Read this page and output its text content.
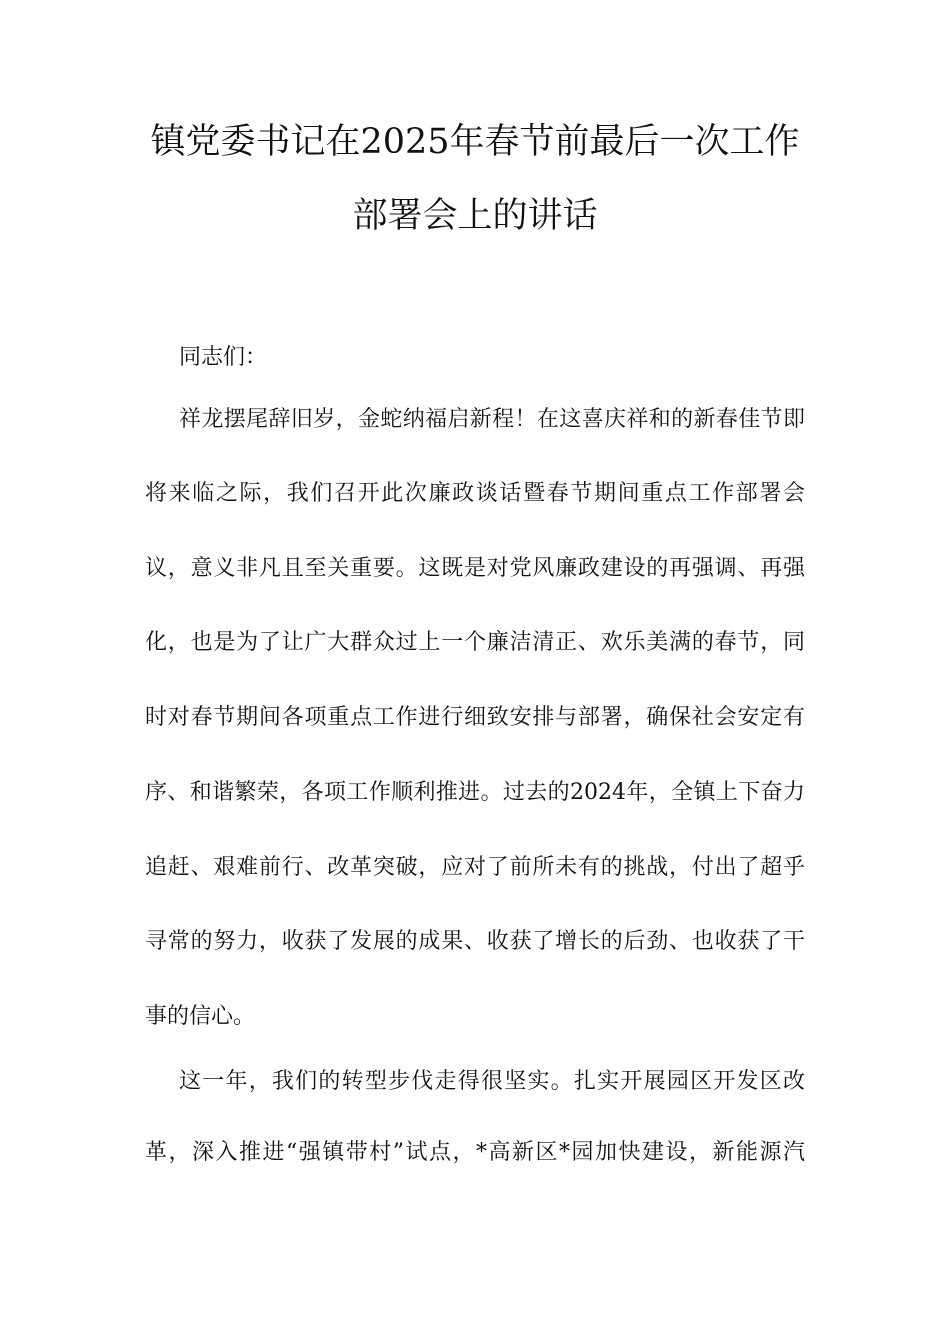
镇党委书记在2025年春节前最后一次工作
部署会上的讲话
同志们：
祥龙摆尾辞旧岁，金蛇纳福启新程！在这喜庆祥和的新春佳节即
将来临之际，我们召开此次廉政谈话暨春节期间重点工作部署会
议，意义非凡且至关重要。这既是对党风廉政建设的再强调、再强
化，也是为了让广大群众过上一个廉洁清正、欢乐美满的春节，同
时对春节期间各项重点工作进行细致安排与部署，确保社会安定有
序、和谐繁荣，各项工作顺利推进。过去的2024年，全镇上下奋力
追赶、艰难前行、改革突破，应对了前所未有的挑战，付出了超乎
寻常的努力，收获了发展的成果、收获了增长的后劲、也收获了干
事的信心。
这一年，我们的转型步伐走得很坚实。扎实开展园区开发区改
革，深入推进“强镇带村”试点，*高新区*园加快建设，新能源汽
